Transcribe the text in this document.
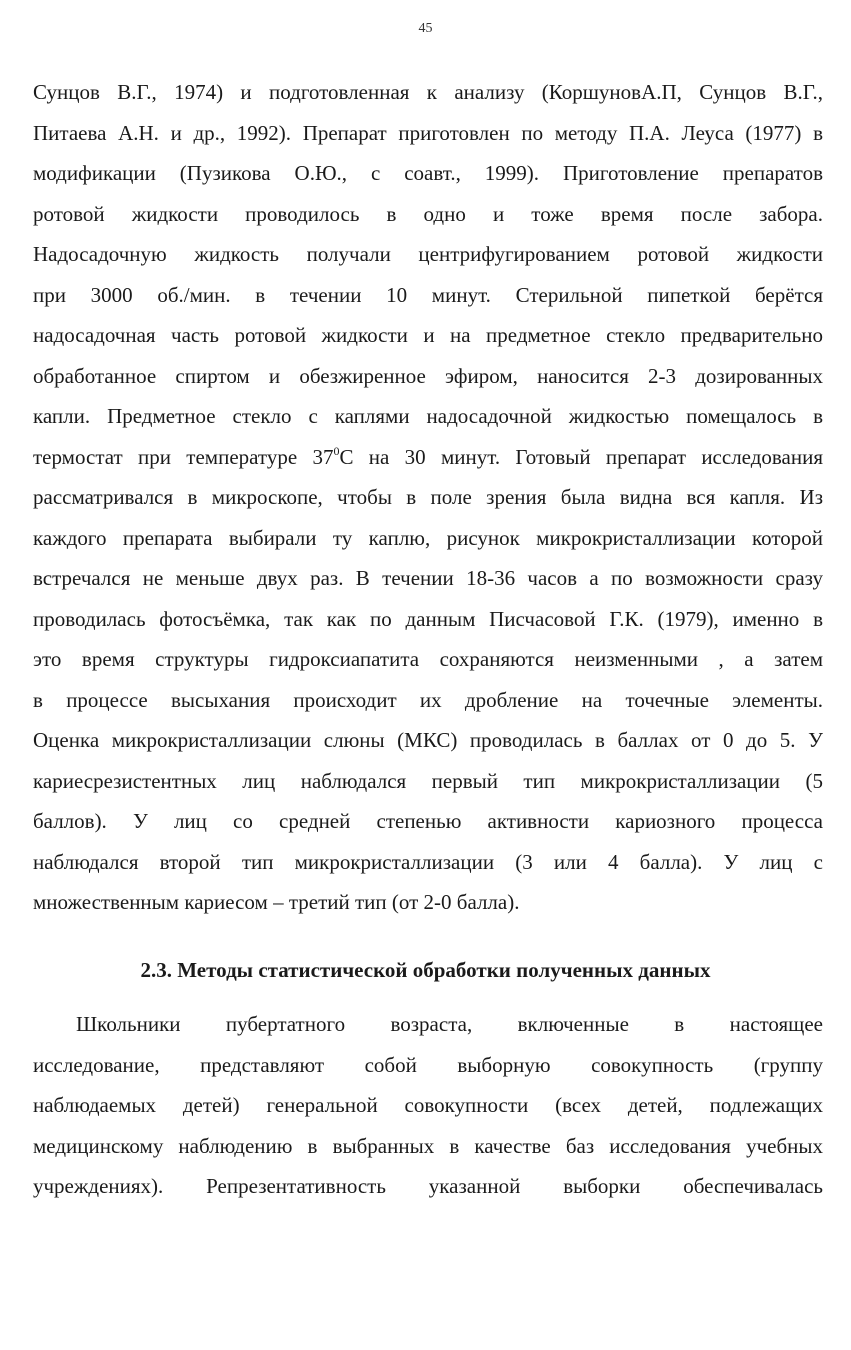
45
Сунцов В.Г., 1974) и подготовленная к анализу (КоршуновА.П, Сунцов В.Г.,
Питаева А.Н. и др., 1992). Препарат приготовлен по методу П.А. Леуса (1977) в
модификации (Пузикова О.Ю., с соавт., 1999). Приготовление препаратов
ротовой жидкости проводилось в одно и тоже время после забора.
Надосадочную жидкость получали центрифугированием ротовой жидкости
при 3000 об./мин. в течении 10 минут. Стерильной пипеткой берётся
надосадочная часть ротовой жидкости и на предметное стекло предварительно
обработанное спиртом и обезжиренное эфиром, наносится 2-3 дозированных
капли. Предметное стекло с каплями надосадочной жидкостью помещалось в
термостат при температуре $37^0С$ на 30 минут. Готовый препарат исследования
рассматривался в микроскопе, чтобы в поле зрения была видна вся капля. Из
каждого препарата выбирали ту каплю, рисунок микрокристаллизации которой
встречался не меньше двух раз. В течении 18-36 часов а по возможности сразу
проводилась фотосъёмка, так как по данным Писчасовой Г.К. (1979), именно в
это время структуры гидроксиапатита сохраняются неизменными , а затем
в процессе высыхания происходит их дробление на точечные элементы.
Оценка микрокристаллизации слюны (МКС) проводилась в баллах от 0 до 5. У
кариесрезистентных лиц наблюдался первый тип микрокристаллизации (5
баллов). У лиц со средней степенью активности кариозного процесса
наблюдался второй тип микрокристаллизации (3 или 4 балла). У лиц с
множественным кариесом – третий тип (от 2-0 балла).
2.3. Методы статистической обработки полученных данных
Школьники пубертатного возраста, включенные в настоящее
исследование, представляют собой выборную совокупность (группу
наблюдаемых детей) генеральной совокупности (всех детей, подлежащих
медицинскому наблюдению в выбранных в качестве баз исследования учебных
учреждениях). Репрезентативность указанной выборки обеспечивалась
